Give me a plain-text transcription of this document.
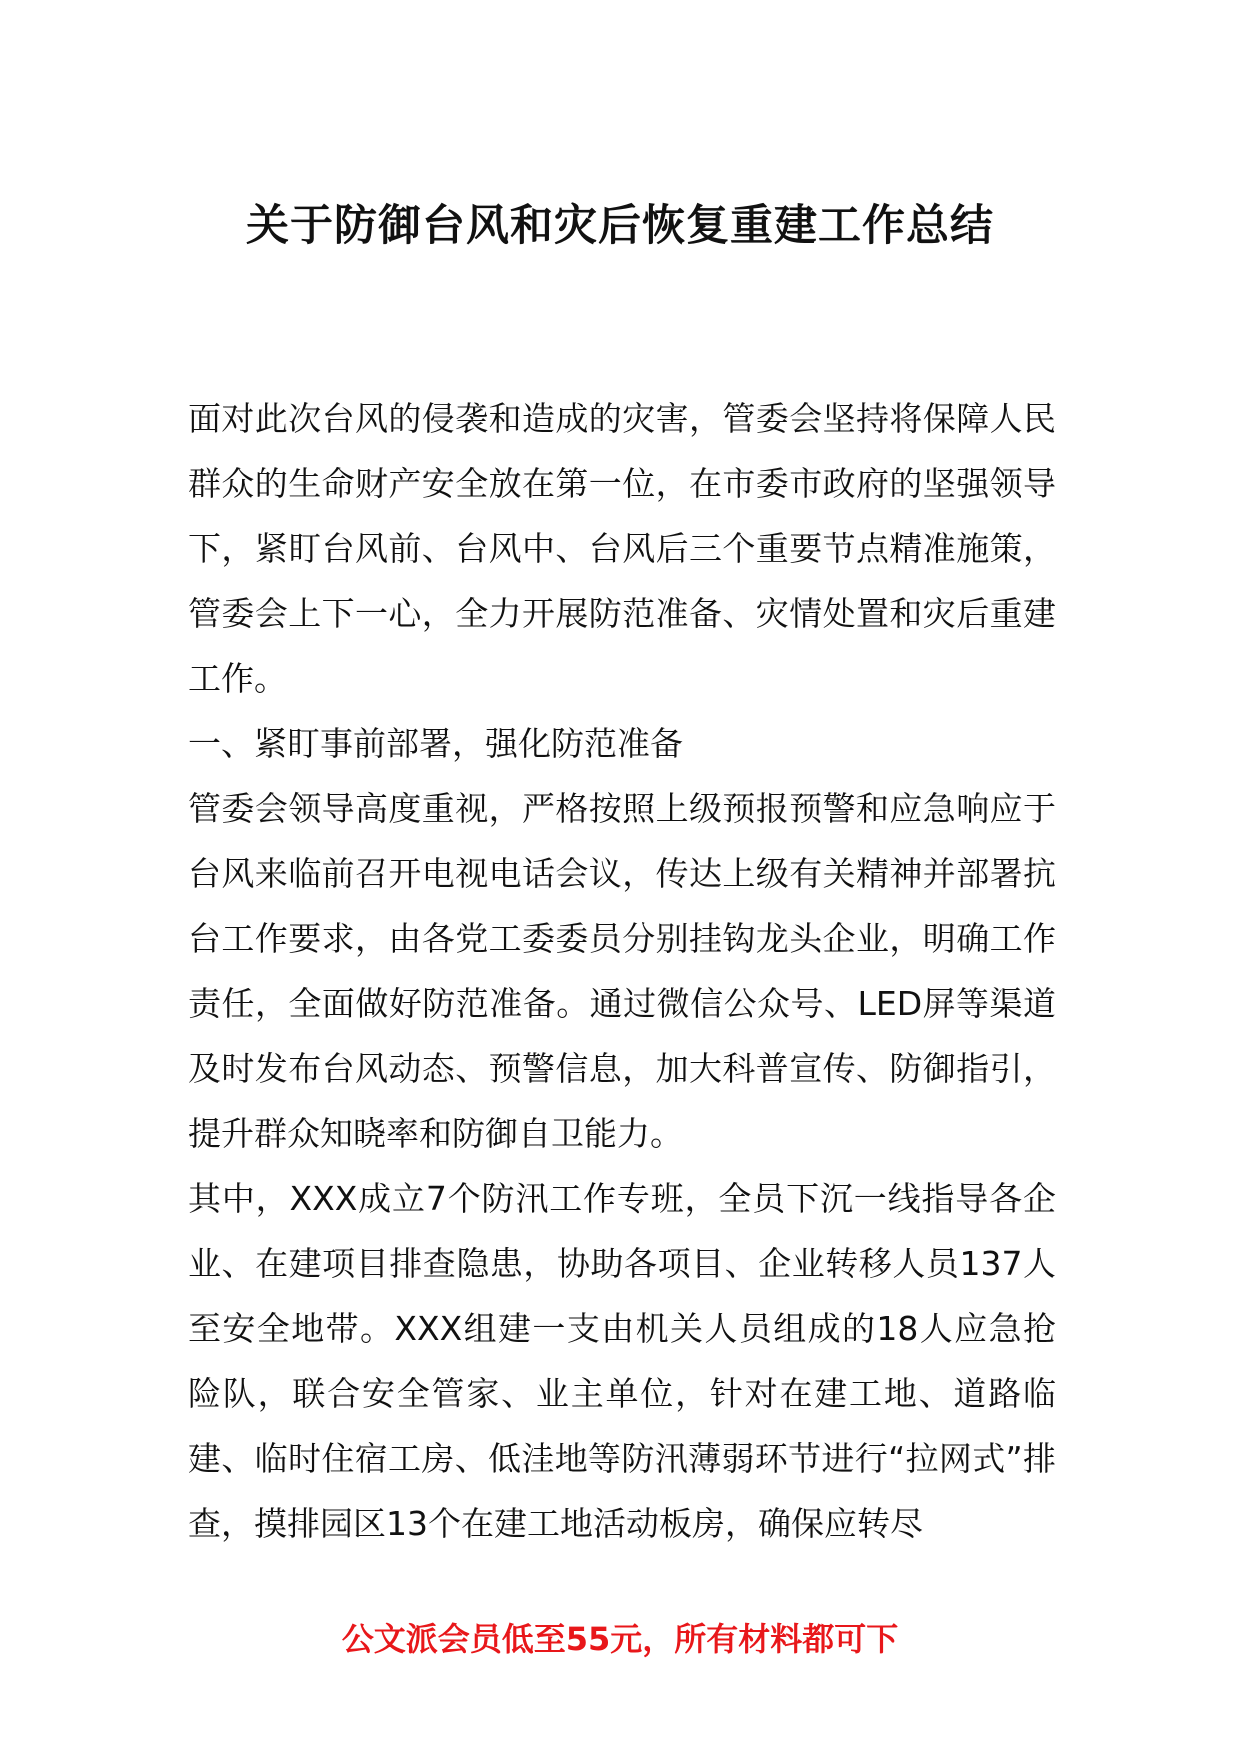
关于防御台风和灾后恢复重建工作总结

面对此次台风的侵袭和造成的灾害，管委会坚持将保障人民群众的生命财产安全放在第一位，在市委市政府的坚强领导下，紧盯台风前、台风中、台风后三个重要节点精准施策，管委会上下一心，全力开展防范准备、灾情处置和灾后重建工作。

一、紧盯事前部署，强化防范准备

管委会领导高度重视，严格按照上级预报预警和应急响应于台风来临前召开电视电话会议，传达上级有关精神并部署抗台工作要求，由各党工委委员分别挂钩龙头企业，明确工作责任，全面做好防范准备。通过微信公众号、LED屏等渠道及时发布台风动态、预警信息，加大科普宣传、防御指引，提升群众知晓率和防御自卫能力。

其中，XXX成立7个防汛工作专班，全员下沉一线指导各企业、在建项目排查隐患，协助各项目、企业转移人员137人至安全地带。XXX组建一支由机关人员组成的18人应急抢险队，联合安全管家、业主单位，针对在建工地、道路临建、临时住宿工房、低洼地等防汛薄弱环节进行“拉网式”排查，摸排园区13个在建工地活动板房，确保应转尽

公文派会员低至55元，所有材料都可下
